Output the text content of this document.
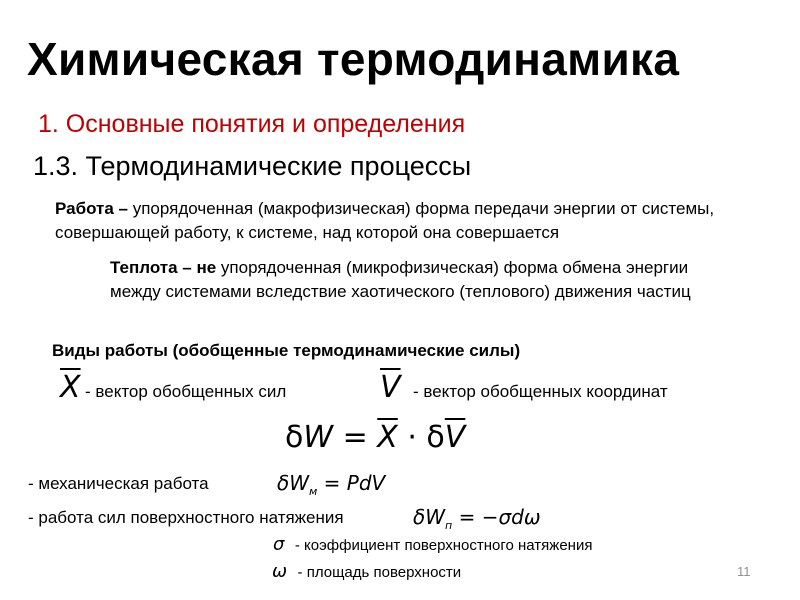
Химическая термодинамика
1. Основные понятия и определения
1.3. Термодинамические процессы
Работа – упорядоченная (макрофизическая) форма передачи энергии от системы, совершающей работу, к системе, над которой она совершается
Теплота – не упорядоченная (микрофизическая) форма обмена энергии между системами вследствие хаотического (теплового) движения частиц
Виды работы (обобщенные термодинамические силы)
$\overline{X}$ - вектор обобщенных сил	$\overline{V}$ - вектор обобщенных координат
$\delta W = \overline{X} \cdot \delta\overline{V}$
- механическая работа	$\delta W_м$ = PdV
- работа сил поверхностного натяжения	$\delta W_п = -\sigma d\omega$
σ - коэффициент поверхностного натяжения
ω - площадь поверхности	11
